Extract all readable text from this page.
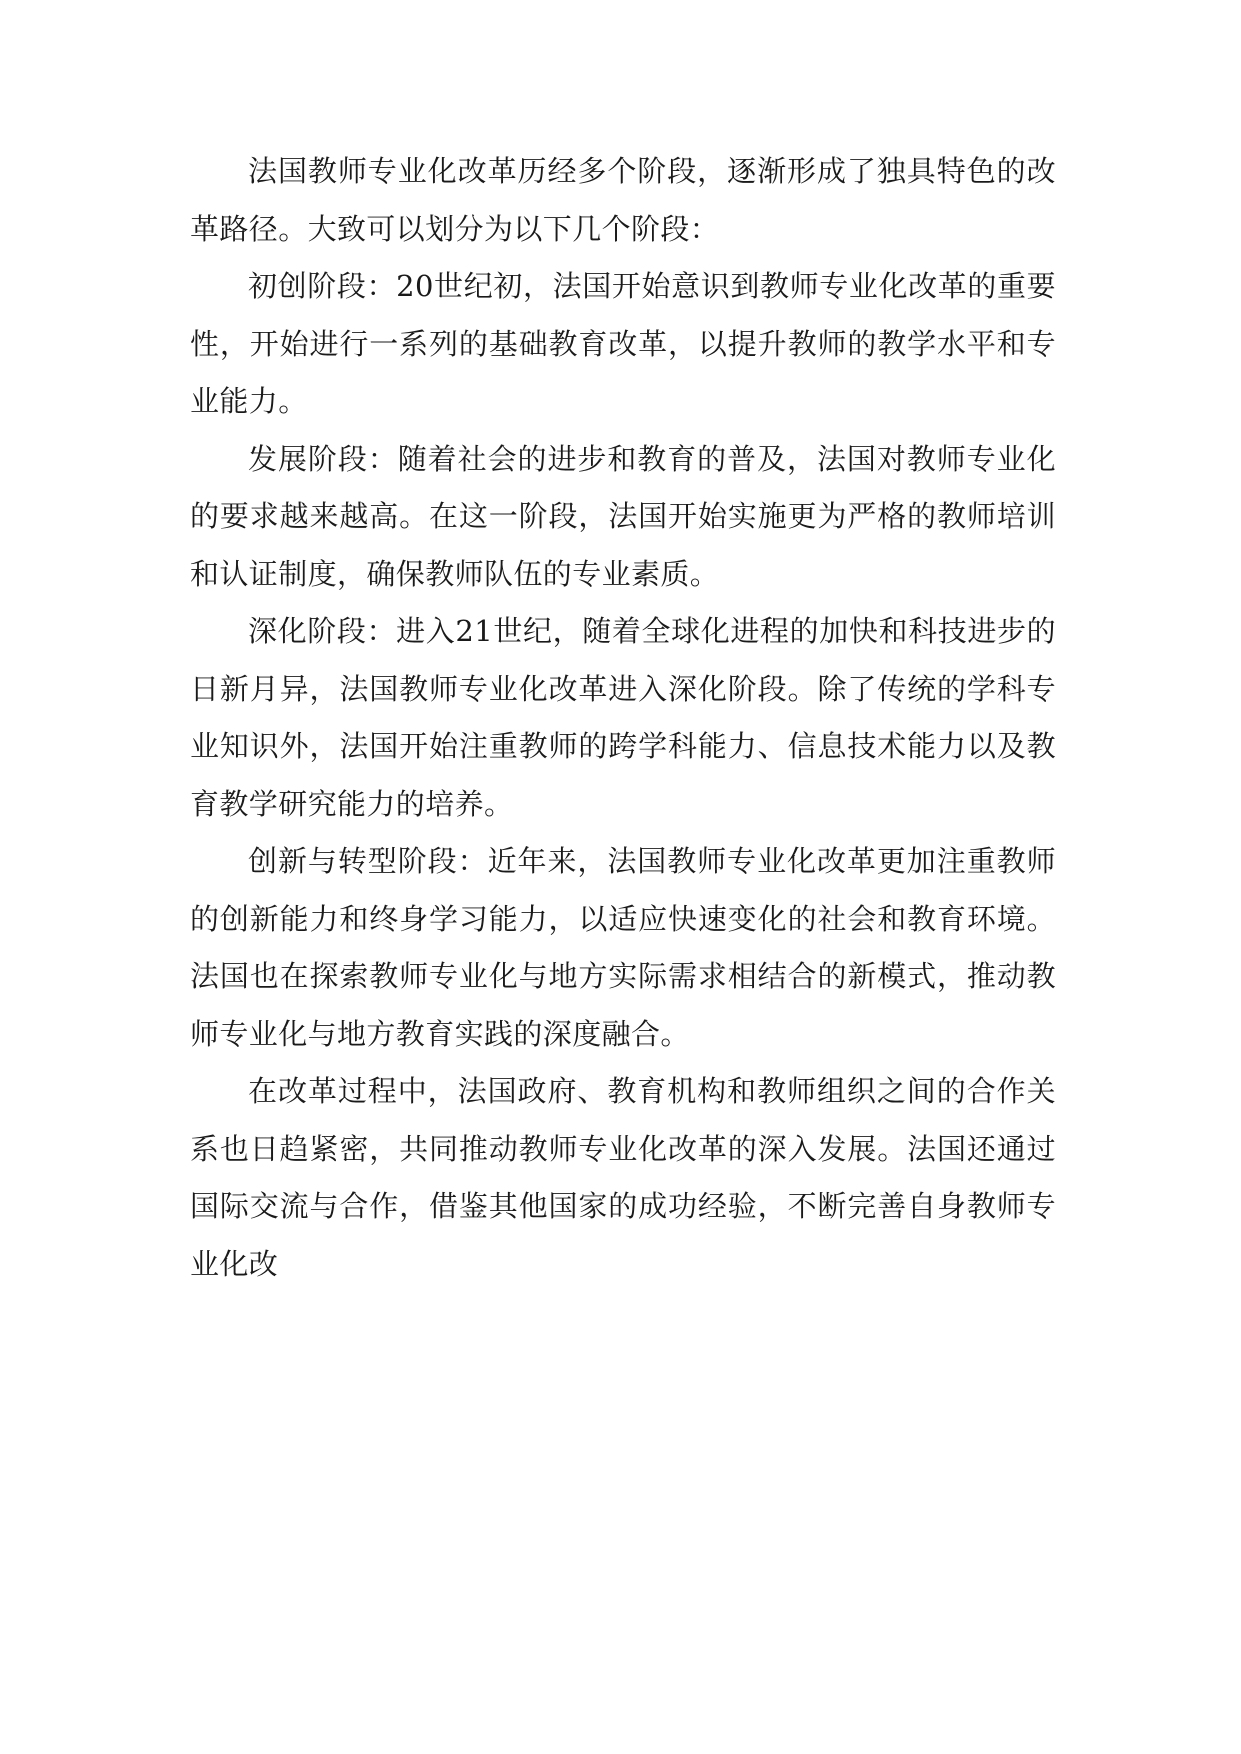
法国教师专业化改革历经多个阶段，逐渐形成了独具特色的改革路径。大致可以划分为以下几个阶段：

初创阶段：20世纪初，法国开始意识到教师专业化改革的重要性，开始进行一系列的基础教育改革，以提升教师的教学水平和专业能力。

发展阶段：随着社会的进步和教育的普及，法国对教师专业化的要求越来越高。在这一阶段，法国开始实施更为严格的教师培训和认证制度，确保教师队伍的专业素质。

深化阶段：进入21世纪，随着全球化进程的加快和科技进步的日新月异，法国教师专业化改革进入深化阶段。除了传统的学科专业知识外，法国开始注重教师的跨学科能力、信息技术能力以及教育教学研究能力的培养。

创新与转型阶段：近年来，法国教师专业化改革更加注重教师的创新能力和终身学习能力，以适应快速变化的社会和教育环境。法国也在探索教师专业化与地方实际需求相结合的新模式，推动教师专业化与地方教育实践的深度融合。

在改革过程中，法国政府、教育机构和教师组织之间的合作关系也日趋紧密，共同推动教师专业化改革的深入发展。法国还通过国际交流与合作，借鉴其他国家的成功经验，不断完善自身教师专业化改
